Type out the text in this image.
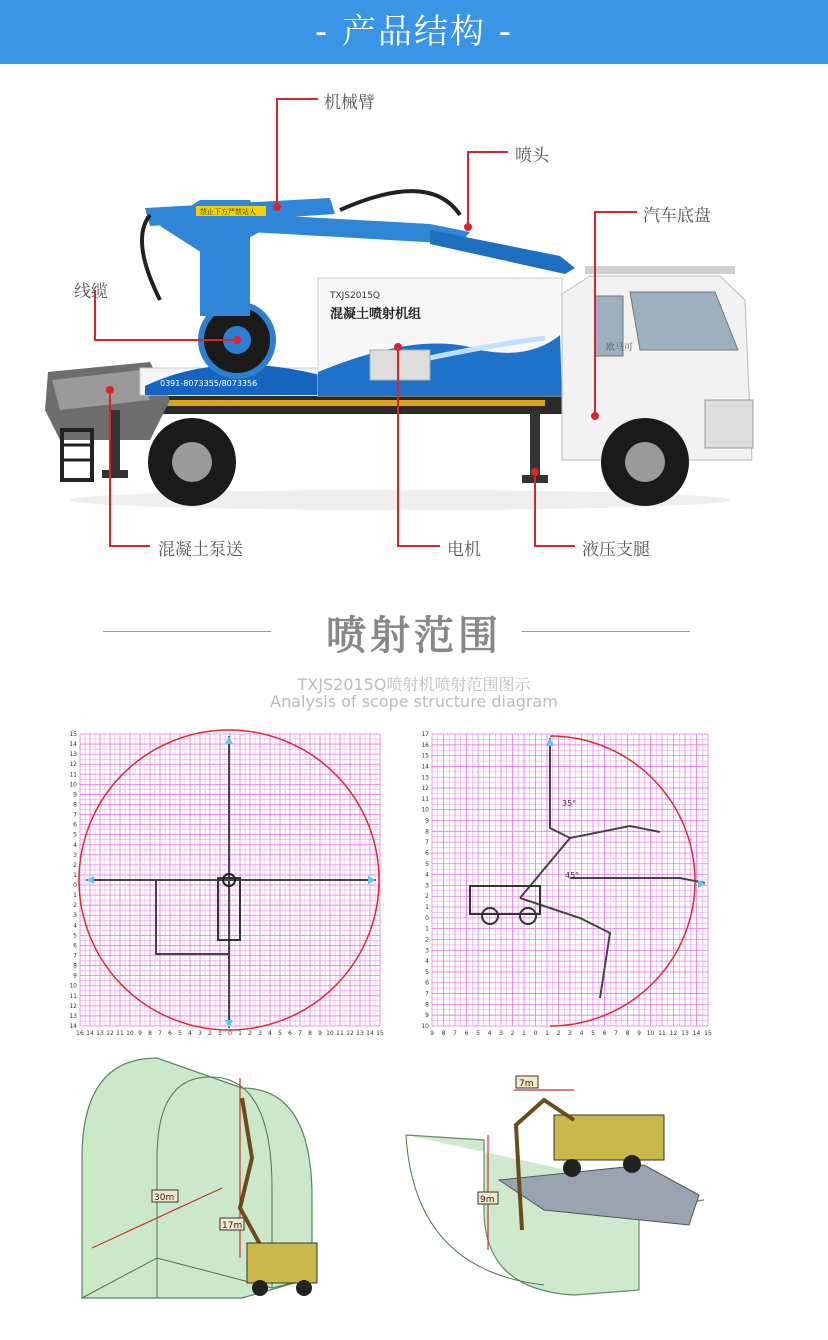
- 产品结构 -
TXJS2015Q
混凝土喷射机组
0391-8073355/8073356
禁止下方严禁站人
欧马可
机械臂
喷头
汽车底盘
线缆
混凝土泵送	电机	液压支腿
喷射范围
TXJS2015Q喷射机喷射范围图示
Analysis of scope structure diagram
16 14 13 12 11 10 9 8 7 6 5 4 3 2 1 0 1 2 3 4 5 6 7 8 9 10 11 12 13 14 15
15
14
13
12
11
10
9
8
7
6
5
4
3
2
1
0
1
2
3
4
5
6
7
8
9
10
11
12
13
14
9 8 7 6 5 4 3 2 1 0 1 2 3 4 5 6 7 8 9 10 11 12 13 14 15
17
16
15
14
13
12
11
10
9
8
7
6
5
4
3
2
1
0
1
2
3
4
5
6
7
8
9
10
35°
45°
30m
17m
7m
9m
